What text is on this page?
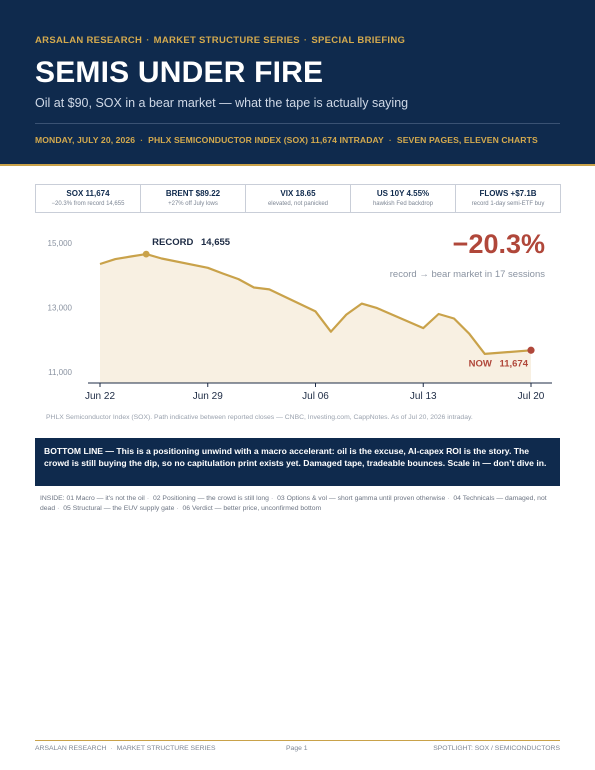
ARSALAN RESEARCH · MARKET STRUCTURE SERIES · SPECIAL BRIEFING
SEMIS UNDER FIRE
Oil at $90, SOX in a bear market — what the tape is actually saying
MONDAY, JULY 20, 2026 · PHLX SEMICONDUCTOR INDEX (SOX) 11,674 INTRADAY · SEVEN PAGES, ELEVEN CHARTS
SOX 11,674
−20.3% from record 14,655
BRENT $89.22
+27% off July lows
VIX 18.65
elevated, not panicked
US 10Y 4.55%
hawkish Fed backdrop
FLOWS +$7.1B
record 1-day semi-ETF buy
15,000
13,000
11,000
Jun 22	Jun 29	Jul 06	Jul 13	Jul 20
RECORD 14,655
NOW 11,674
−20.3%
record → bear market in 17 sessions
PHLX Semiconductor Index (SOX). Path indicative between reported closes — CNBC, Investing.com, CappNotes. As of Jul 20, 2026 intraday.
BOTTOM LINE — This is a positioning unwind with a macro accelerant: oil is the excuse, AI-capex ROI is the story. The crowd is still buying the dip, so no capitulation print exists yet. Damaged tape, tradeable bounces. Scale in — don’t dive in.
INSIDE: 01 Macro — it's not the oil · 02 Positioning — the crowd is still long · 03 Options & vol — short gamma until proven otherwise · 04 Technicals — damaged, not dead · 05 Structural — the EUV supply gate · 06 Verdict — better price, unconfirmed bottom
ARSALAN RESEARCH · MARKET STRUCTURE SERIES	Page 1	SPOTLIGHT: SOX / SEMICONDUCTORS
